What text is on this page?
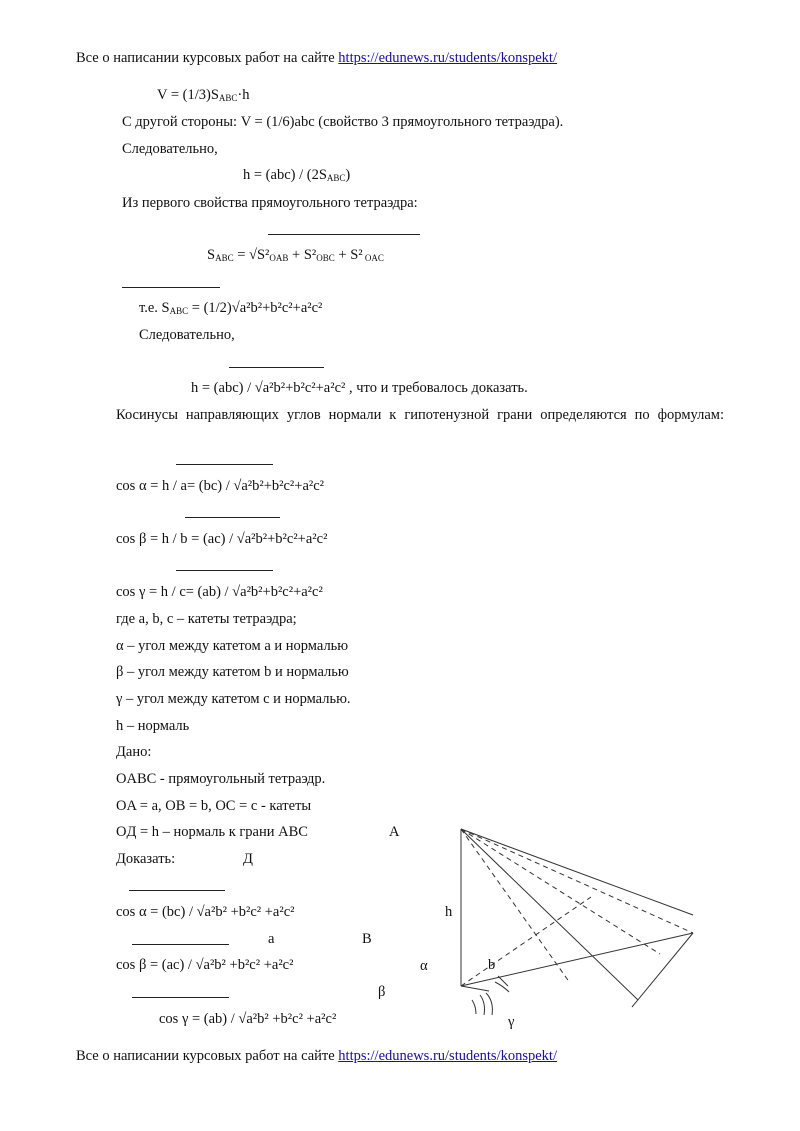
Все о написании курсовых работ на сайте https://edunews.ru/students/konspekt/
$V = (1/3)S_{ABC}\cdot h$
С другой стороны: V = (1/6)abc (свойство 3 прямоугольного тетраэдра).
Следовательно,
$h = (abc) / (2S_{ABC})$
Из первого свойства прямоугольного тетраэдра:
$S_{ABC} = √S^2_{OAB} + S^2_{OBC} + S^2$ $_{OAC}$
т.е. $S_{ABC} = (1/2)√a^2b^2+b^2c^2+a^2c^2$
Следовательно,
h = (abc) / √a²b²+b²c²+a²c² , что и требовалось доказать.
Косинусы направляющих углов нормали к гипотенузной грани определяются по формулам:
cos α = h / a= (bc) / √a²b²+b²c²+a²c²
cos β = h / b = (ac) / √a²b²+b²c²+a²c²
cos γ = h / c= (ab) / √a²b²+b²c²+a²c²
где a, b, c – катеты тетраэдра;
α – угол между катетом a и нормалью
β – угол между катетом b и нормалью
γ – угол между катетом c и нормалью.
h – нормаль
Дано:
OABC - прямоугольный тетраэдр.
OA = a, OB = b, OC = c - катеты
OД = h – нормаль к грани ABC
Доказать:
cos α = (bc) / √a²b² +b²c² +a²c²
cos β = (ac) / √a²b² +b²c² +a²c²
cos γ = (ab) / √a²b² +b²c² +a²c²
A
Д
h
a	B
α	b
β
γ
Все о написании курсовых работ на сайте https://edunews.ru/students/konspekt/
